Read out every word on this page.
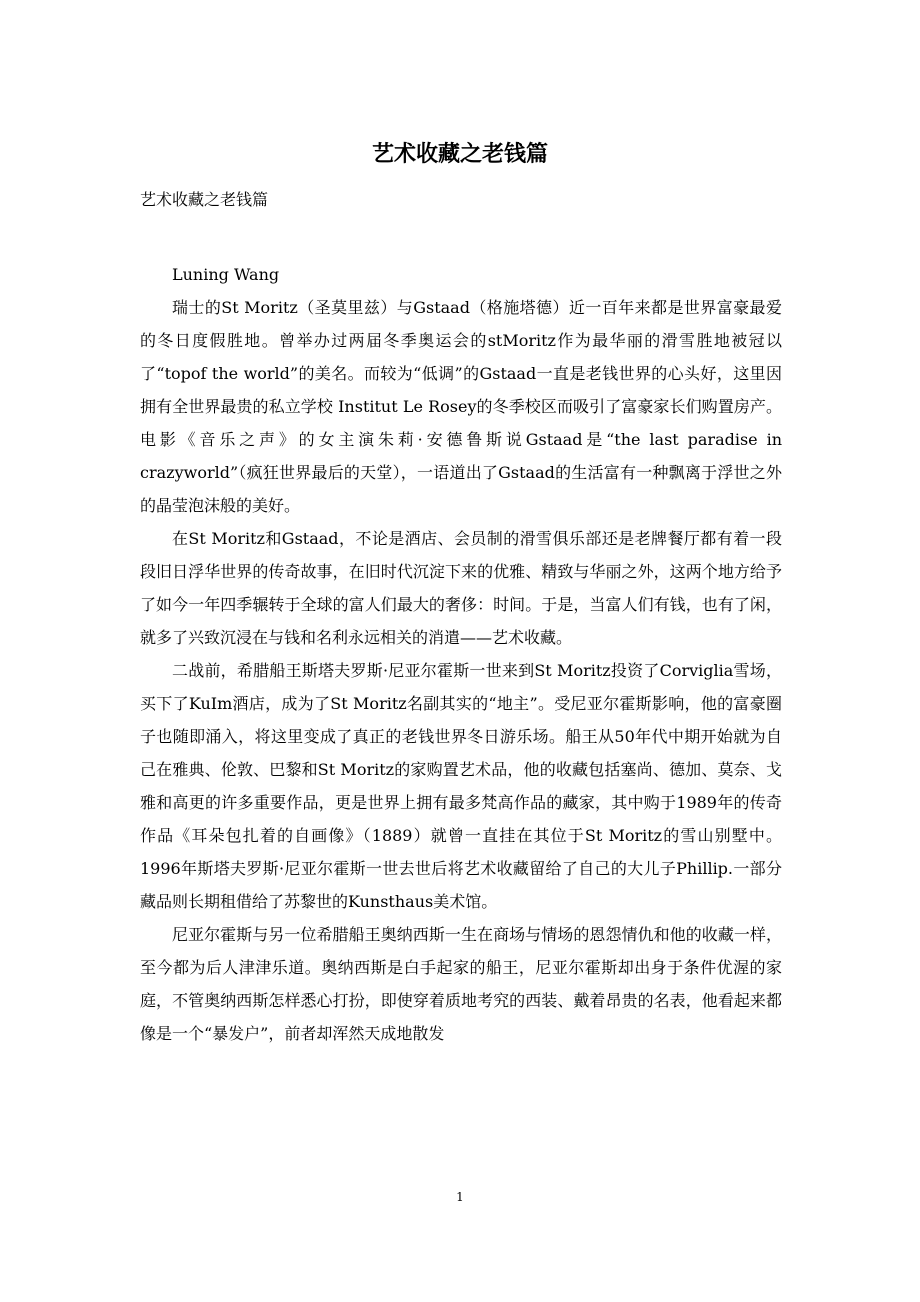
艺术收藏之老钱篇
艺术收藏之老钱篇

Luning Wang

瑞士的St Moritz（圣莫里兹）与Gstaad（格施塔德）近一百年来都是世界富豪最爱的冬日度假胜地。曾举办过两届冬季奥运会的stMoritz作为最华丽的滑雪胜地被冠以了“topof the world”的美名。而较为“低调”的Gstaad一直是老钱世界的心头好，这里因拥有全世界最贵的私立学校 Institut Le Rosey的冬季校区而吸引了富豪家长们购置房产。电影《音乐之声》的女主演朱莉·安德鲁斯说Gstaad是“the last paradise in crazyworld”（疯狂世界最后的天堂），一语道出了Gstaad的生活富有一种飘离于浮世之外的晶莹泡沫般的美好。

在St Moritz和Gstaad，不论是酒店、会员制的滑雪俱乐部还是老牌餐厅都有着一段段旧日浮华世界的传奇故事，在旧时代沉淀下来的优雅、精致与华丽之外，这两个地方给予了如今一年四季辗转于全球的富人们最大的奢侈：时间。于是，当富人们有钱，也有了闲，就多了兴致沉浸在与钱和名利永远相关的消遣——艺术收藏。

二战前，希腊船王斯塔夫罗斯·尼亚尔霍斯一世来到St Moritz投资了Corviglia雪场，买下了KuIm酒店，成为了St Moritz名副其实的“地主”。受尼亚尔霍斯影响，他的富豪圈子也随即涌入，将这里变成了真正的老钱世界冬日游乐场。船王从50年代中期开始就为自己在雅典、伦敦、巴黎和St Moritz的家购置艺术品，他的收藏包括塞尚、德加、莫奈、戈雅和高更的许多重要作品，更是世界上拥有最多梵高作品的藏家，其中购于1989年的传奇作品《耳朵包扎着的自画像》（1889）就曾一直挂在其位于St Moritz的雪山别墅中。1996年斯塔夫罗斯·尼亚尔霍斯一世去世后将艺术收藏留给了自己的大儿子Phillip.一部分藏品则长期租借给了苏黎世的Kunsthaus美术馆。

尼亚尔霍斯与另一位希腊船王奥纳西斯一生在商场与情场的恩怨情仇和他的收藏一样，至今都为后人津津乐道。奥纳西斯是白手起家的船王，尼亚尔霍斯却出身于条件优渥的家庭，不管奥纳西斯怎样悉心打扮，即使穿着质地考究的西装、戴着昂贵的名表，他看起来都像是一个“暴发户”，前者却浑然天成地散发

1
